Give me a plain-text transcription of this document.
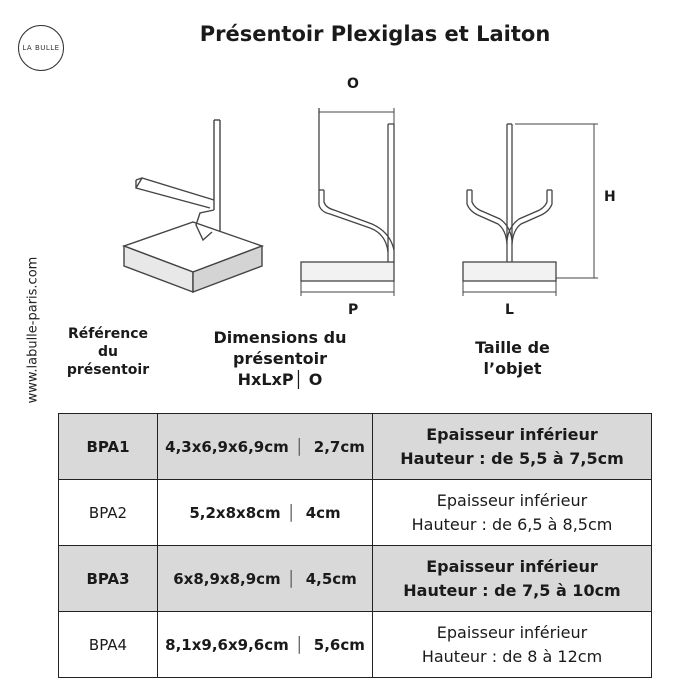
LA BULLE
Présentoir Plexiglas et Laiton
www.labulle-paris.com
O
P	L
H
Référence
du
présentoir
Dimensions du
présentoir
HxLxP│ O
Taille de
l’objet
BPA1	4,3x6,9x6,9cm │ 2,7cm	Epaisseur inférieur
Hauteur : de 5,5 à 7,5cm

BPA2	5,2x8x8cm │ 4cm	Epaisseur inférieur
Hauteur : de 6,5 à 8,5cm

BPA3	6x8,9x8,9cm │ 4,5cm	Epaisseur inférieur
Hauteur : de 7,5 à 10cm

BPA4	8,1x9,6x9,6cm │ 5,6cm	Epaisseur inférieur
Hauteur : de 8 à 12cm
